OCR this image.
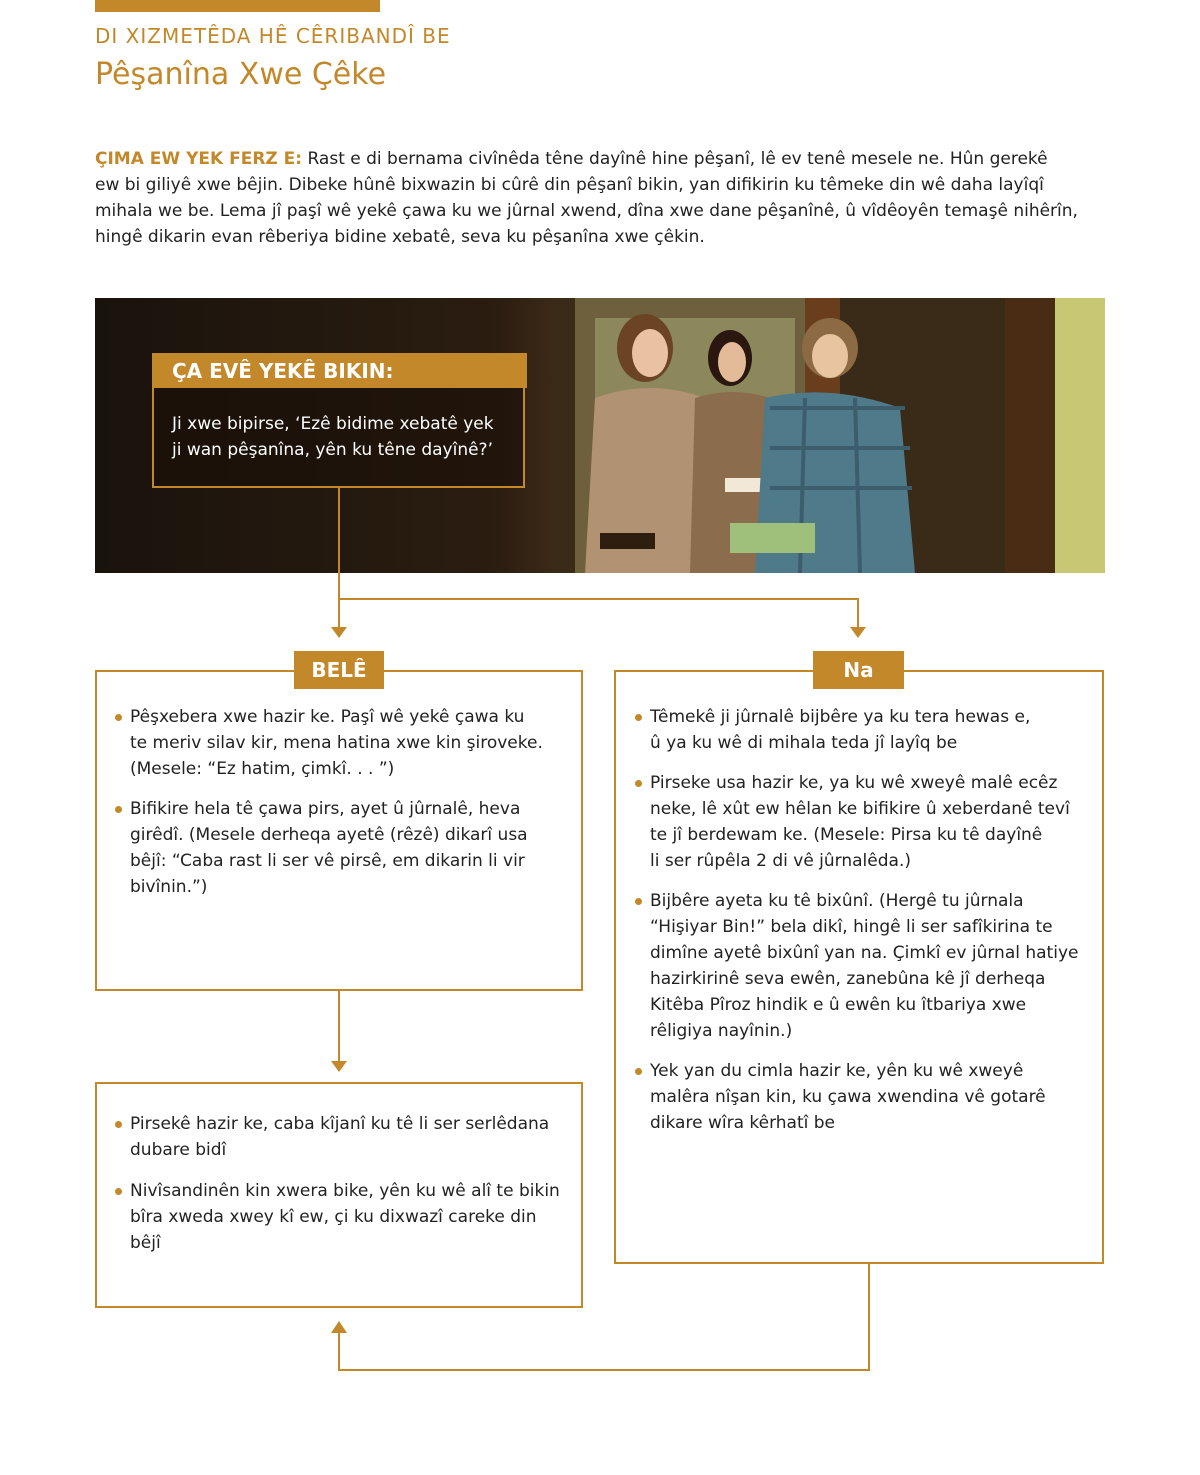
DI XIZMETÊDA HÊ CÊRIBANDÎ BE
Pêşanîna Xwe Çêke
ÇIMA EW YEK FERZ E: Rast e di bernama civînêda têne dayînê hine pêşanî, lê ev tenê mesele ne. Hûn gerekê
ew bi giliyê xwe bêjin. Dibeke hûnê bixwazin bi cûrê din pêşanî bikin, yan difikirin ku têmeke din wê daha layîqî
mihala we be. Lema jî paşî wê yekê çawa ku we jûrnal xwend, dîna xwe dane pêşanînê, û vîdêoyên temaşê nihêrîn,
hingê dikarin evan rêberiya bidine xebatê, seva ku pêşanîna xwe çêkin.
ÇA EVÊ YEKÊ BIKIN:
Ji xwe bipirse, ‘Ezê bidime xebatê yek
ji wan pêşanîna, yên ku têne dayînê?’
BELÊ
Pêşxebera xwe hazir ke. Paşî wê yekê çawa ku
te meriv silav kir, mena hatina xwe kin şiroveke.
(Mesele: “Ez hatim, çimkî. . . ”)
Bifikire hela tê çawa pirs, ayet û jûrnalê, heva
girêdî. (Mesele derheqa ayetê (rêzê) dikarî usa
bêjî: “Caba rast li ser vê pirsê, em dikarin li vir
bivînin.”)
Pirsekê hazir ke, caba kîjanî ku tê li ser serlêdana
dubare bidî
Nivîsandinên kin xwera bike, yên ku wê alî te bikin
bîra xweda xwey kî ew, çi ku dixwazî careke din
bêjî
Na
Têmekê ji jûrnalê bijbêre ya ku tera hewas e,
û ya ku wê di mihala teda jî layîq be
Pirseke usa hazir ke, ya ku wê xweyê malê ecêz
neke, lê xût ew hêlan ke bifikire û xeberdanê tevî
te jî berdewam ke. (Mesele: Pirsa ku tê dayînê
li ser rûpêla 2 di vê jûrnalêda.)
Bijbêre ayeta ku tê bixûnî. (Hergê tu jûrnala
“Hişiyar Bin!” bela dikî, hingê li ser safîkirina te
dimîne ayetê bixûnî yan na. Çimkî ev jûrnal hatiye
hazirkirinê seva ewên, zanebûna kê jî derheqa
Kitêba Pîroz hindik e û ewên ku îtbariya xwe
rêligiya nayînin.)
Yek yan du cimla hazir ke, yên ku wê xweyê
malêra nîşan kin, ku çawa xwendina vê gotarê
dikare wîra kêrhatî be
